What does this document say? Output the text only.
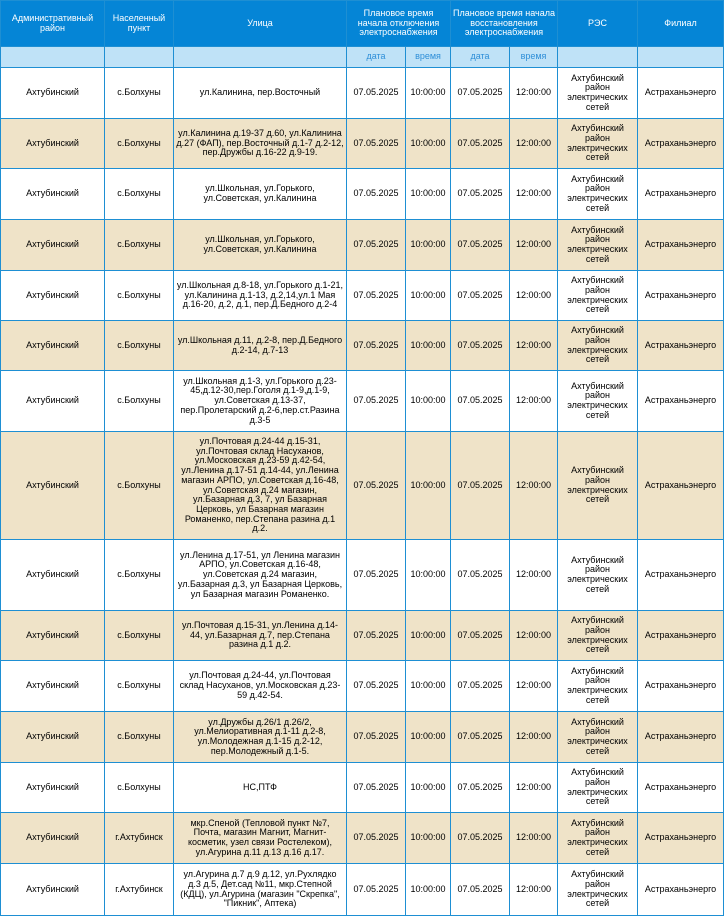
Административный район	Населенный пункт	Улица	Плановое время начала отключения электроснабжения		Плановое время начала восстановления электроснабжения		РЭС	Филиал
			дата	время	дата	время		
Ахтубинский	с.Болхуны	ул.Калинина, пер.Восточный	07.05.2025	10:00:00	07.05.2025	12:00:00	Ахтубинский район электрических сетей	Астраханьэнерго
Ахтубинский	с.Болхуны	ул.Калинина д.19-37 д.60, ул.Калинина д.27 (ФАП), пер.Восточный д.1-7 д.2-12, пер.Дружбы д.16-22 д.9-19.	07.05.2025	10:00:00	07.05.2025	12:00:00	Ахтубинский район электрических сетей	Астраханьэнерго
Ахтубинский	с.Болхуны	ул.Школьная, ул.Горького, ул.Советская, ул.Калинина	07.05.2025	10:00:00	07.05.2025	12:00:00	Ахтубинский район электрических сетей	Астраханьэнерго
Ахтубинский	с.Болхуны	ул.Школьная, ул.Горького, ул.Советская, ул.Калинина	07.05.2025	10:00:00	07.05.2025	12:00:00	Ахтубинский район электрических сетей	Астраханьэнерго
Ахтубинский	с.Болхуны	ул.Школьная д.8-18, ул.Горького д.1-21, ул.Калинина д.1-13, д.2,14,ул.1 Мая д.16-20, д.2, д.1, пер.Д.Бедного д.2-4	07.05.2025	10:00:00	07.05.2025	12:00:00	Ахтубинский район электрических сетей	Астраханьэнерго
Ахтубинский	с.Болхуны	ул.Школьная д.11, д.2-8, пер.Д.Бедного д.2-14, д.7-13	07.05.2025	10:00:00	07.05.2025	12:00:00	Ахтубинский район электрических сетей	Астраханьэнерго
Ахтубинский	с.Болхуны	ул.Школьная д.1-3, ул.Горького д.23-45,д.12-30,пер.Гоголя д.1-9,д.1-9, ул.Советская д.13-37, пер.Пролетарский д.2-6,пер.ст.Разина д.3-5	07.05.2025	10:00:00	07.05.2025	12:00:00	Ахтубинский район электрических сетей	Астраханьэнерго
Ахтубинский	с.Болхуны	ул.Почтовая д.24-44 д.15-31, ул.Почтовая склад Насуханов, ул.Московская д.23-59 д.42-54, ул.Ленина д.17-51 д.14-44, ул.Ленина магазин АРПО, ул.Советская д.16-48, ул.Советская д.24 магазин, ул.Базарная д.3, 7, ул Базарная Церковь, ул Базарная магазин Романенко, пер.Степана разина д.1 д.2.	07.05.2025	10:00:00	07.05.2025	12:00:00	Ахтубинский район электрических сетей	Астраханьэнерго
Ахтубинский	с.Болхуны	ул.Ленина д.17-51, ул Ленина магазин АРПО, ул.Советская д.16-48, ул.Советская д.24 магазин, ул.Базарная д.3, ул Базарная Церковь, ул Базарная магазин Романенко.	07.05.2025	10:00:00	07.05.2025	12:00:00	Ахтубинский район электрических сетей	Астраханьэнерго
Ахтубинский	с.Болхуны	ул.Почтовая д.15-31, ул.Ленина д.14-44, ул.Базарная д.7, пер.Степана разина д.1 д.2.	07.05.2025	10:00:00	07.05.2025	12:00:00	Ахтубинский район электрических сетей	Астраханьэнерго
Ахтубинский	с.Болхуны	ул.Почтовая д.24-44, ул.Почтовая склад Насуханов, ул.Московская д.23-59 д.42-54.	07.05.2025	10:00:00	07.05.2025	12:00:00	Ахтубинский район электрических сетей	Астраханьэнерго
Ахтубинский	с.Болхуны	ул.Дружбы д.26/1 д.26/2, ул.Мелиоративная д.1-11 д.2-8, ул.Молодежная д.1-15 д.2-12, пер.Молодежный д.1-5.	07.05.2025	10:00:00	07.05.2025	12:00:00	Ахтубинский район электрических сетей	Астраханьэнерго
Ахтубинский	с.Болхуны	НС,ПТФ	07.05.2025	10:00:00	07.05.2025	12:00:00	Ахтубинский район электрических сетей	Астраханьэнерго
Ахтубинский	г.Ахтубинск	мкр.Спеной (Тепловой пункт №7, Почта, магазин Магнит, Магнит-косметик, узел связи Ростелеком), ул.Агурина д.11 д.13 д.16 д.17.	07.05.2025	10:00:00	07.05.2025	12:00:00	Ахтубинский район электрических сетей	Астраханьэнерго
Ахтубинский	г.Ахтубинск	ул.Агурина д.7 д.9 д.12, ул.Рухлядко д.3 д.5, Дет.сад №11, мкр.Степной (КДЦ), ул.Агурина (магазин "Скрепка", "Пикник", Аптека)	07.05.2025	10:00:00	07.05.2025	12:00:00	Ахтубинский район электрических сетей	Астраханьэнерго
